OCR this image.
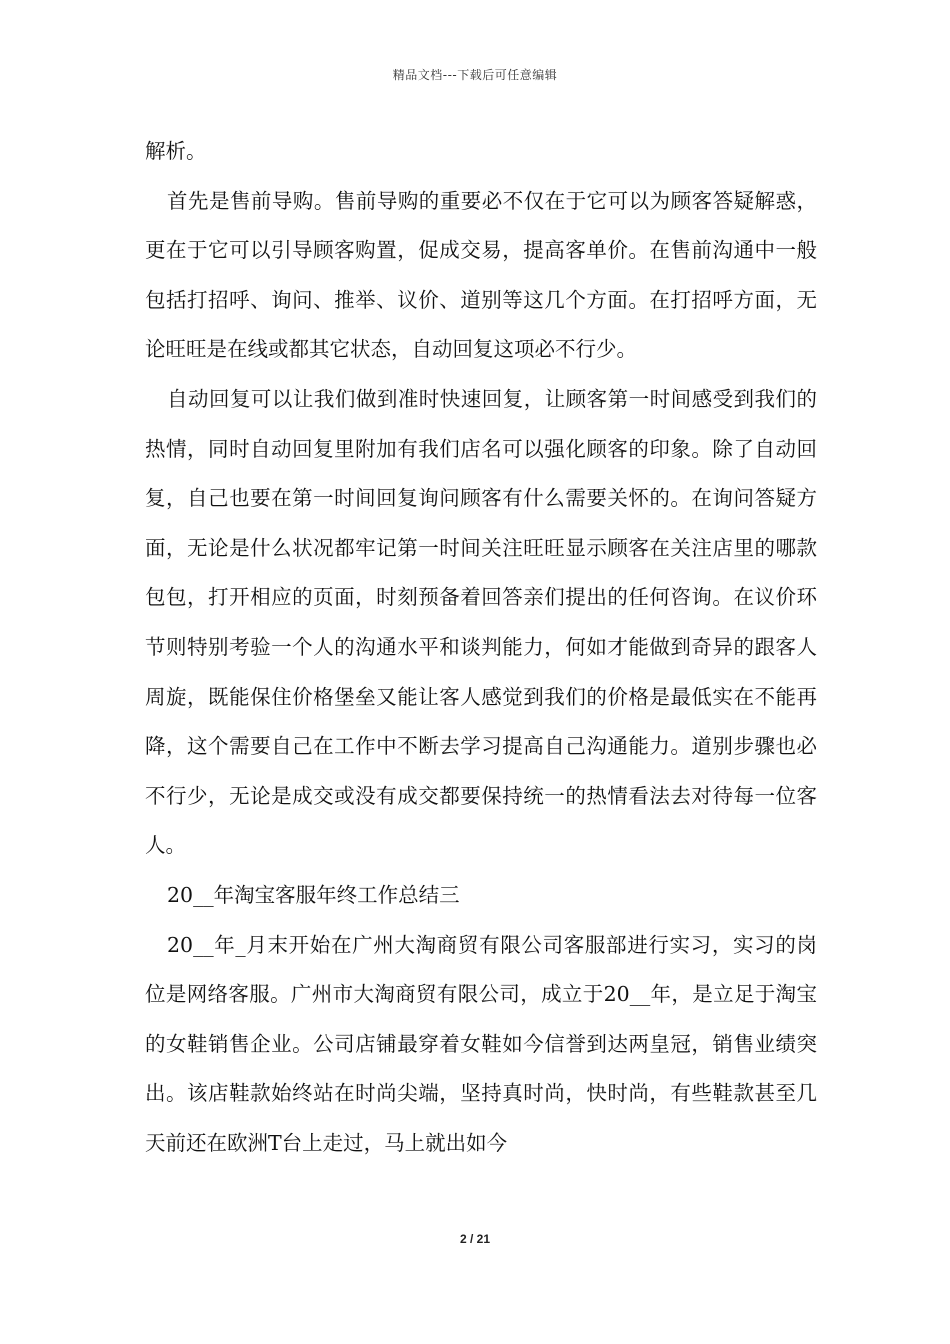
精品文档---下载后可任意编辑

解析。

首先是售前导购。售前导购的重要必不仅在于它可以为顾客答疑解惑，更在于它可以引导顾客购置，促成交易，提高客单价。在售前沟通中一般包括打招呼、询问、推举、议价、道别等这几个方面。在打招呼方面，无论旺旺是在线或都其它状态，自动回复这项必不行少。

自动回复可以让我们做到准时快速回复，让顾客第一时间感受到我们的热情，同时自动回复里附加有我们店名可以强化顾客的印象。除了自动回复，自己也要在第一时间回复询问顾客有什么需要关怀的。在询问答疑方面，无论是什么状况都牢记第一时间关注旺旺显示顾客在关注店里的哪款包包，打开相应的页面，时刻预备着回答亲们提出的任何咨询。在议价环节则特别考验一个人的沟通水平和谈判能力，何如才能做到奇异的跟客人周旋，既能保住价格堡垒又能让客人感觉到我们的价格是最低实在不能再降，这个需要自己在工作中不断去学习提高自己沟通能力。道别步骤也必不行少，无论是成交或没有成交都要保持统一的热情看法去对待每一位客人。

20__年淘宝客服年终工作总结三

20__年_月末开始在广州大淘商贸有限公司客服部进行实习，实习的岗位是网络客服。广州市大淘商贸有限公司，成立于20__年，是立足于淘宝的女鞋销售企业。公司店铺最穿着女鞋如今信誉到达两皇冠，销售业绩突出。该店鞋款始终站在时尚尖端，坚持真时尚，快时尚，有些鞋款甚至几天前还在欧洲T台上走过，马上就出如今

2 / 21
